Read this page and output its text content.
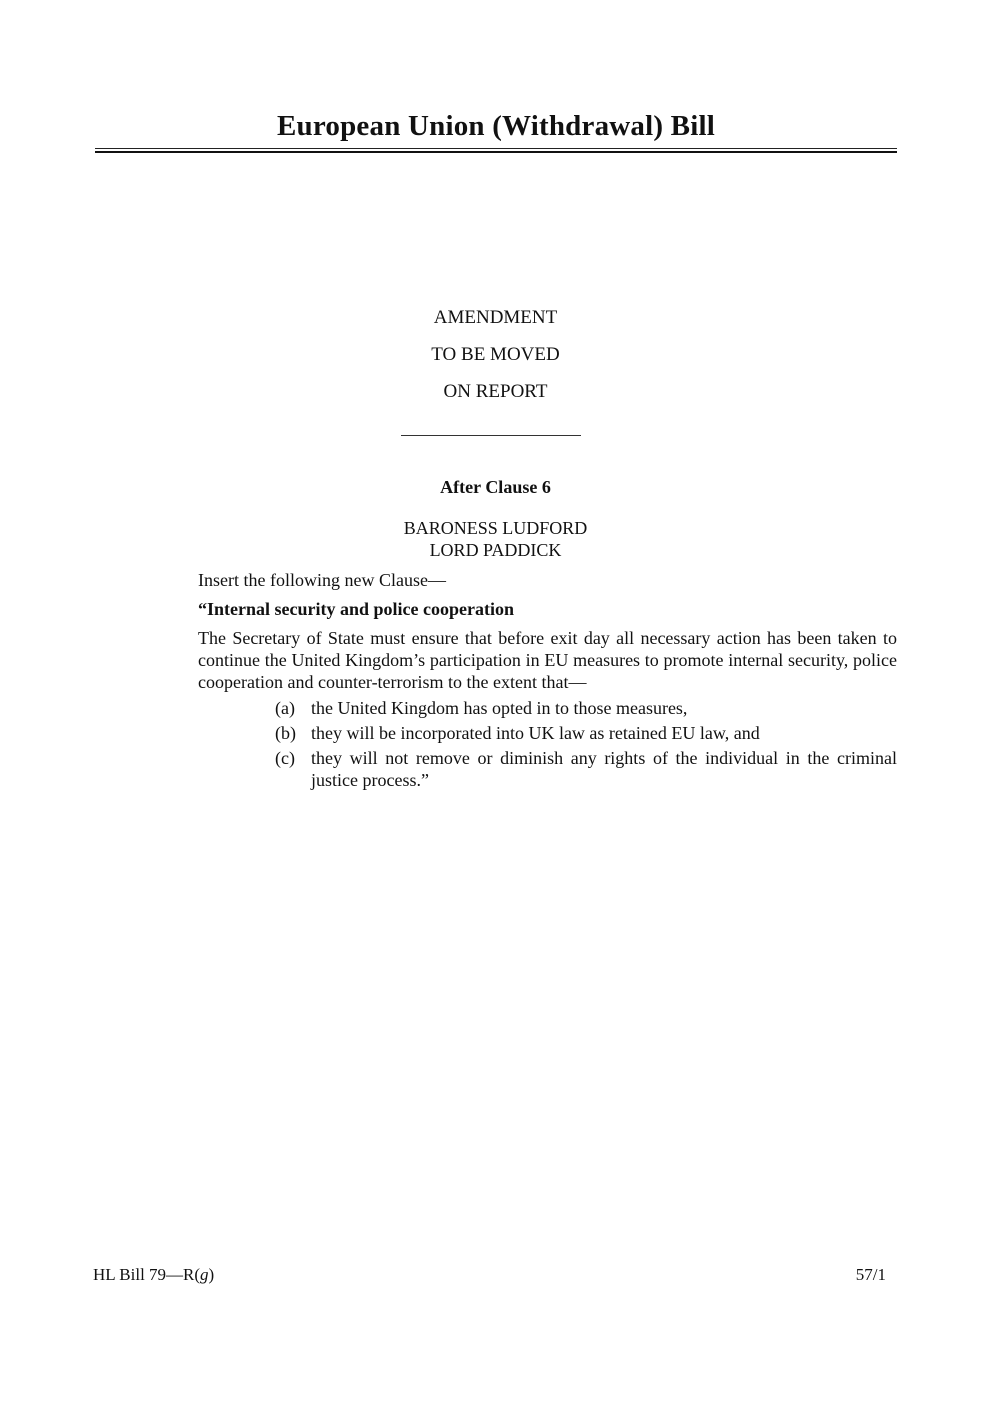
European Union (Withdrawal) Bill
AMENDMENT
TO BE MOVED
ON REPORT
After Clause 6
BARONESS LUDFORD
LORD PADDICK
Insert the following new Clause—
“Internal security and police cooperation
The Secretary of State must ensure that before exit day all necessary action has been taken to continue the United Kingdom’s participation in EU measures to promote internal security, police cooperation and counter-terrorism to the extent that—
(a) the United Kingdom has opted in to those measures,
(b) they will be incorporated into UK law as retained EU law, and
(c) they will not remove or diminish any rights of the individual in the criminal justice process.”
HL Bill 79—R(g)	57/1
